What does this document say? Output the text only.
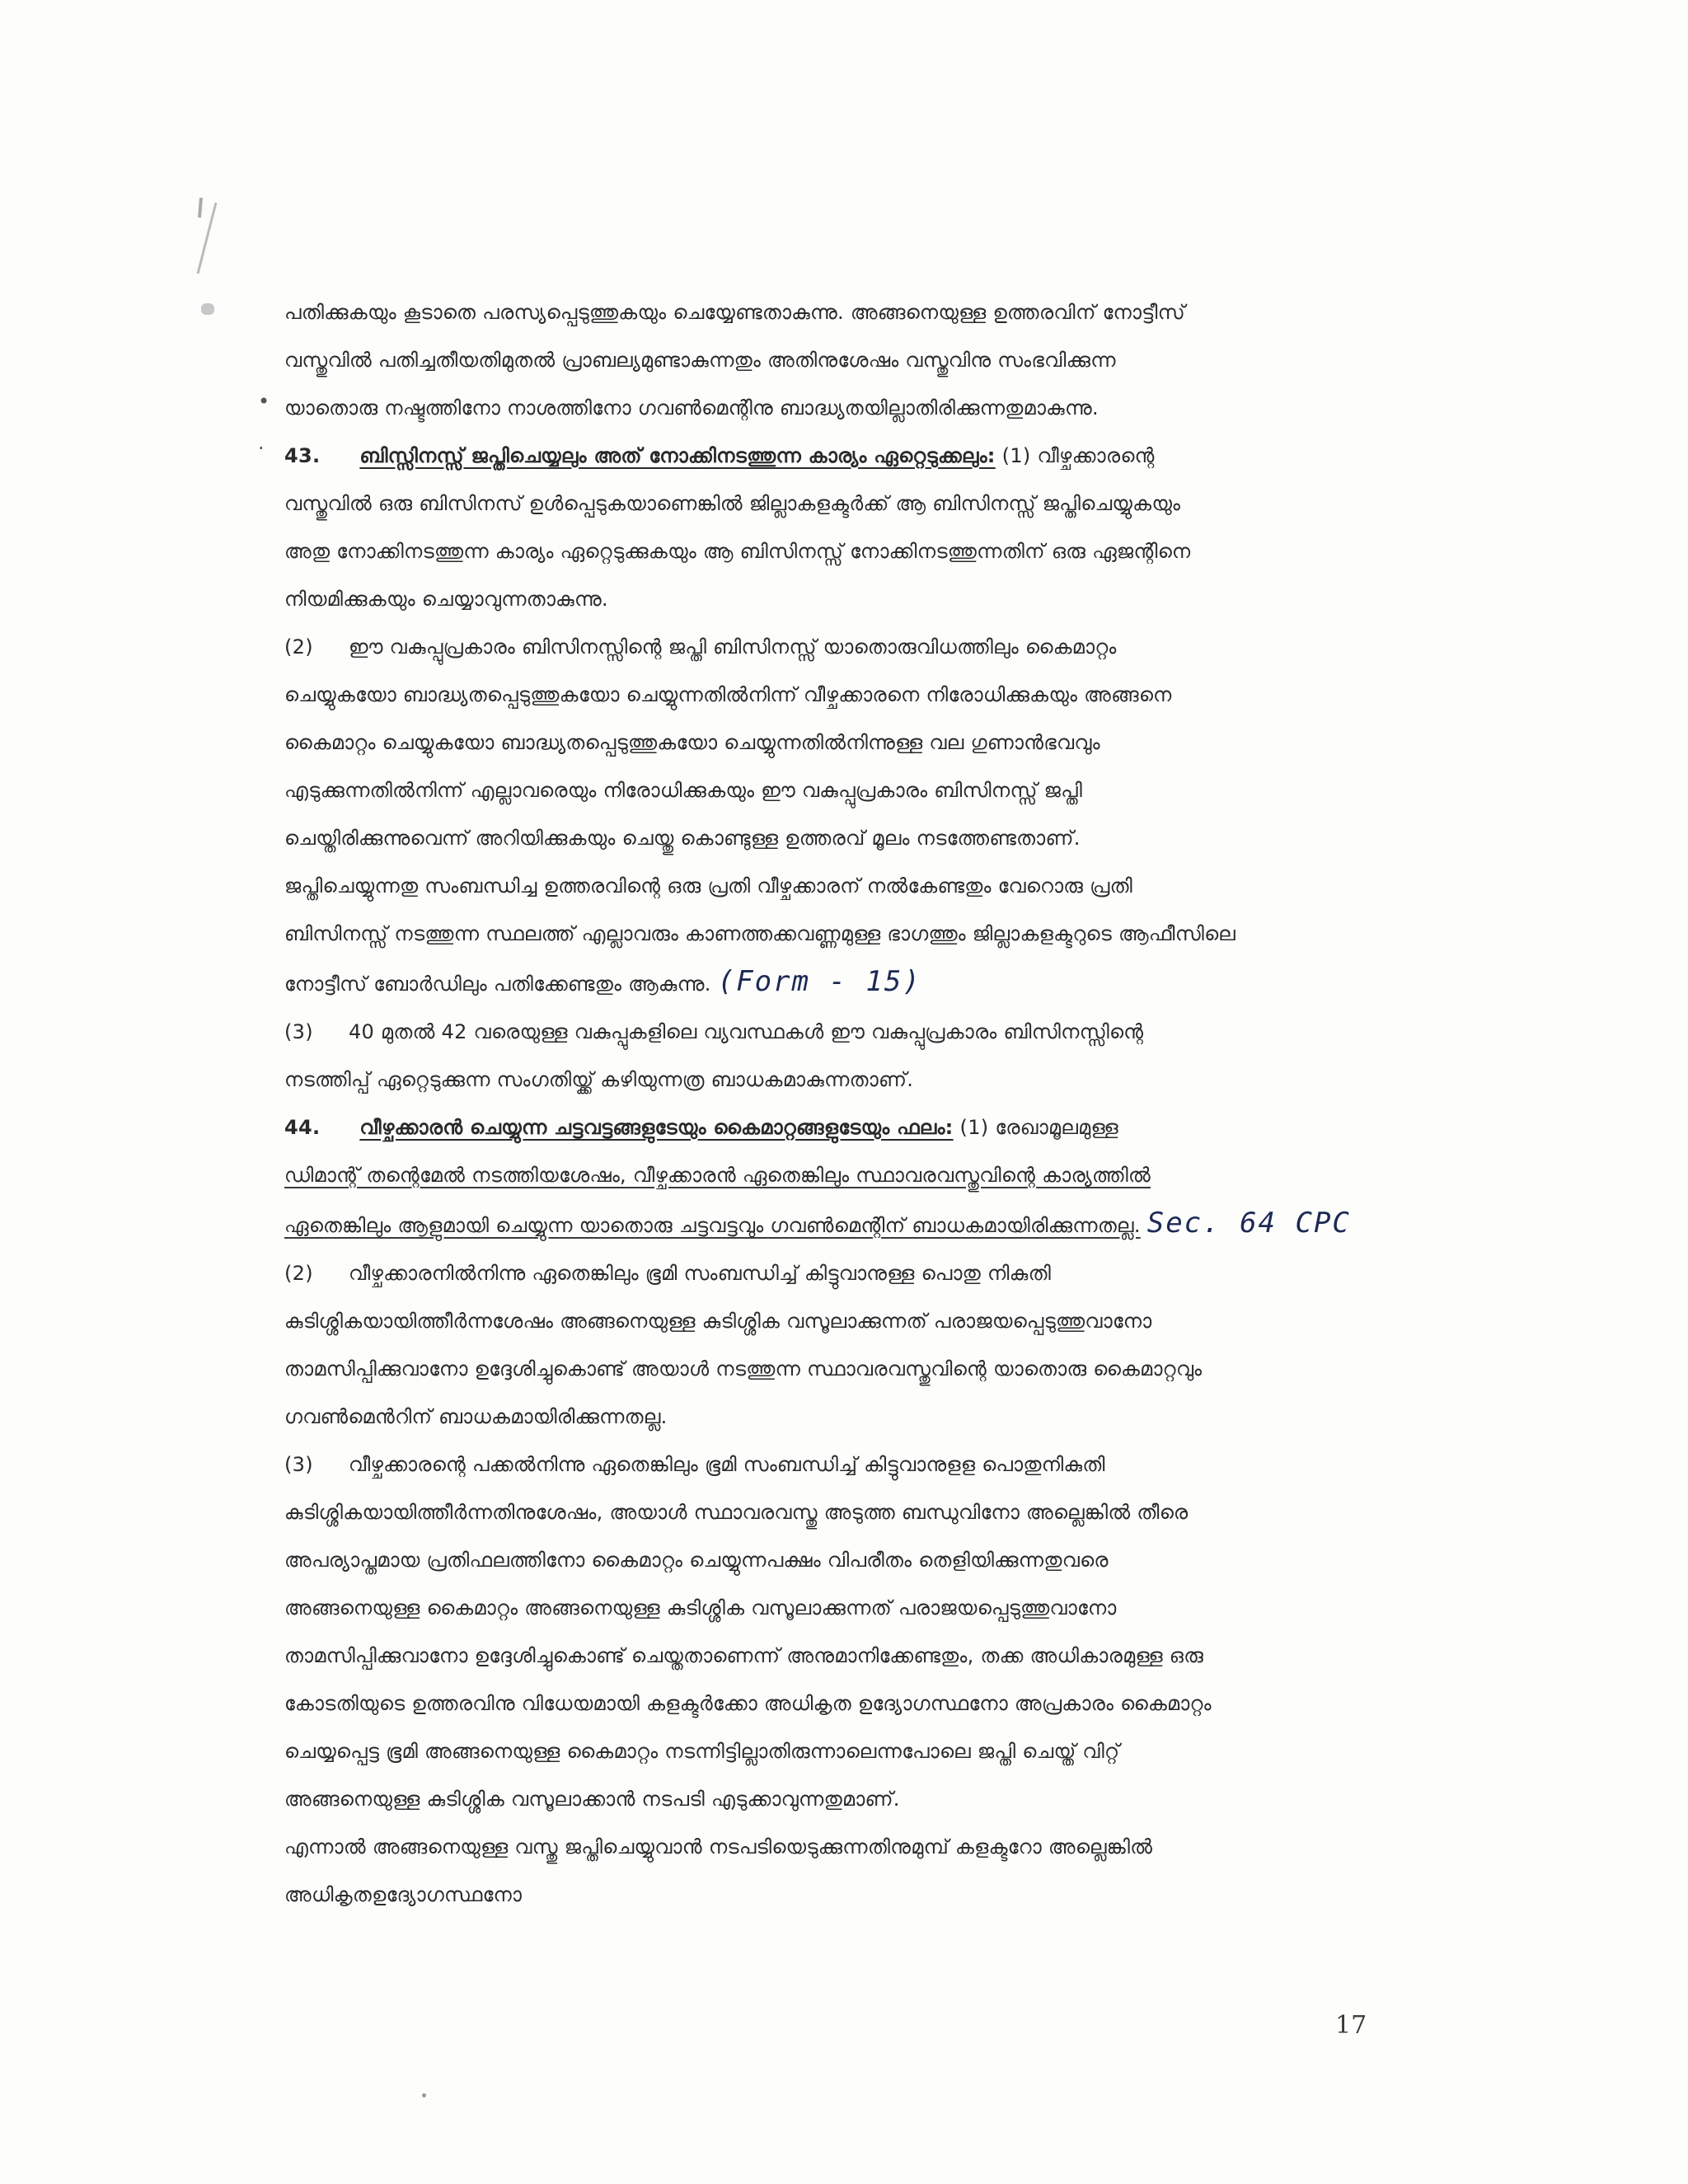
•
·

പതിക്കുകയും കൂടാതെ പരസ്യപ്പെടുത്തുകയും ചെയ്യേണ്ടതാകുന്നു. അങ്ങനെയുള്ള ഉത്തരവിന് നോട്ടീസ്
വസ്തുവിൽ പതിച്ചതീയതിമുതൽ പ്രാബല്യമുണ്ടാകുന്നതും അതിനുശേഷം വസ്തുവിനു സംഭവിക്കുന്ന
യാതൊരു നഷ്ടത്തിനോ നാശത്തിനോ ഗവൺമെന്റിനു ബാദ്ധ്യതയില്ലാതിരിക്കുന്നതുമാകുന്നു.

43. ബിസ്സിനസ്സ് ജപ്തിചെയ്യലും അത് നോക്കിനടത്തുന്ന കാര്യം ഏറ്റെടുക്കലും: (1) വീഴ്ചക്കാരന്റെ
വസ്തുവിൽ ഒരു ബിസിനസ് ഉൾപ്പെടുകയാണെങ്കിൽ ജില്ലാകളക്ടർക്ക് ആ ബിസിനസ്സ് ജപ്തിചെയ്യുകയും
അതു നോക്കിനടത്തുന്ന കാര്യം ഏറ്റെടുക്കുകയും ആ ബിസിനസ്സ് നോക്കിനടത്തുന്നതിന് ഒരു ഏജന്റിനെ
നിയമിക്കുകയും ചെയ്യാവുന്നതാകുന്നു.

(2) ഈ വകുപ്പുപ്രകാരം ബിസിനസ്സിന്റെ ജപ്തി ബിസിനസ്സ് യാതൊരുവിധത്തിലും കൈമാറ്റം
ചെയ്യുകയോ ബാദ്ധ്യതപ്പെടുത്തുകയോ ചെയ്യുന്നതിൽനിന്ന് വീഴ്ചക്കാരനെ നിരോധിക്കുകയും അങ്ങനെ
കൈമാറ്റം ചെയ്യുകയോ ബാദ്ധ്യതപ്പെടുത്തുകയോ ചെയ്യുന്നതിൽനിന്നുള്ള വല ഗുണാൻഭവവും
എടുക്കുന്നതിൽനിന്ന് എല്ലാവരെയും നിരോധിക്കുകയും ഈ വകുപ്പുപ്രകാരം ബിസിനസ്സ് ജപ്തി
ചെയ്തിരിക്കുന്നുവെന്ന് അറിയിക്കുകയും ചെയ്തു കൊണ്ടുള്ള ഉത്തരവ് മൂലം നടത്തേണ്ടതാണ്.
ജപ്തിചെയ്യുന്നതു സംബന്ധിച്ച ഉത്തരവിന്റെ ഒരു പ്രതി വീഴ്ചക്കാരന് നൽകേണ്ടതും വേറൊരു പ്രതി
ബിസിനസ്സ് നടത്തുന്ന സ്ഥലത്ത് എല്ലാവരും കാണത്തക്കവണ്ണമുള്ള ഭാഗത്തും ജില്ലാകളക്ടറുടെ ആഫീസിലെ
നോട്ടീസ് ബോർഡിലും പതിക്കേണ്ടതും ആകുന്നു. (Form - 15)

(3) 40 മുതൽ 42 വരെയുള്ള വകുപ്പുകളിലെ വ്യവസ്ഥകൾ ഈ വകുപ്പുപ്രകാരം ബിസിനസ്സിന്റെ
നടത്തിപ്പ് ഏറ്റെടുക്കുന്ന സംഗതിയ്ക്ക് കഴിയുന്നത്ര ബാധകമാകുന്നതാണ്.

44. വീഴ്ചക്കാരൻ ചെയ്യുന്ന ചട്ടവട്ടങ്ങളുടേയും കൈമാറ്റങ്ങളുടേയും ഫലം: (1) രേഖാമൂലമുള്ള
ഡിമാന്റ് തന്റെമേൽ നടത്തിയശേഷം, വീഴ്ചക്കാരൻ ഏതെങ്കിലും സ്ഥാവരവസ്തുവിന്റെ കാര്യത്തിൽ
ഏതെങ്കിലും ആളുമായി ചെയ്യുന്ന യാതൊരു ചട്ടവട്ടവും ഗവൺമെന്റിന് ബാധകമായിരിക്കുന്നതല്ല. Sec. 64 CPC

(2) വീഴ്ചക്കാരനിൽനിന്നു ഏതെങ്കിലും ഭൂമി സംബന്ധിച്ച് കിട്ടുവാനുള്ള പൊതു നികുതി
കുടിശ്ശികയായിത്തീർന്നശേഷം അങ്ങനെയുള്ള കുടിശ്ശിക വസൂലാക്കുന്നത് പരാജയപ്പെടുത്തുവാനോ
താമസിപ്പിക്കുവാനോ ഉദ്ദേശിച്ചുകൊണ്ട് അയാൾ നടത്തുന്ന സ്ഥാവരവസ്തുവിന്റെ യാതൊരു കൈമാറ്റവും
ഗവൺമെൻറിന് ബാധകമായിരിക്കുന്നതല്ല.

(3) വീഴ്ചക്കാരന്റെ പക്കൽനിന്നു ഏതെങ്കിലും ഭൂമി സംബന്ധിച്ച് കിട്ടുവാനുളള പൊതുനികുതി
കുടിശ്ശികയായിത്തീർന്നതിനുശേഷം, അയാൾ സ്ഥാവരവസ്തു അടുത്ത ബന്ധുവിനോ അല്ലെങ്കിൽ തീരെ
അപര്യാപ്തമായ പ്രതിഫലത്തിനോ കൈമാറ്റം ചെയ്യുന്നപക്ഷം വിപരീതം തെളിയിക്കുന്നതുവരെ
അങ്ങനെയുള്ള കൈമാറ്റം അങ്ങനെയുള്ള കുടിശ്ശിക വസൂലാക്കുന്നത് പരാജയപ്പെടുത്തുവാനോ
താമസിപ്പിക്കുവാനോ ഉദ്ദേശിച്ചുകൊണ്ട് ചെയ്തതാണെന്ന് അനുമാനിക്കേണ്ടതും, തക്ക അധികാരമുള്ള ഒരു
കോടതിയുടെ ഉത്തരവിനു വിധേയമായി കളക്ടർക്കോ അധികൃത ഉദ്യോഗസ്ഥനോ അപ്രകാരം കൈമാറ്റം
ചെയ്യപ്പെട്ട ഭൂമി അങ്ങനെയുള്ള കൈമാറ്റം നടന്നിട്ടില്ലാതിരുന്നാലെന്നപോലെ ജപ്തി ചെയ്ത് വിറ്റ്
അങ്ങനെയുള്ള കുടിശ്ശിക വസൂലാക്കാൻ നടപടി എടുക്കാവുന്നതുമാണ്.

എന്നാൽ അങ്ങനെയുള്ള വസ്തു ജപ്തിചെയ്യുവാൻ നടപടിയെടുക്കുന്നതിനുമുമ്പ് കളക്ടറോ അല്ലെങ്കിൽ
അധികൃതഉദ്യോഗസ്ഥനോ

17
